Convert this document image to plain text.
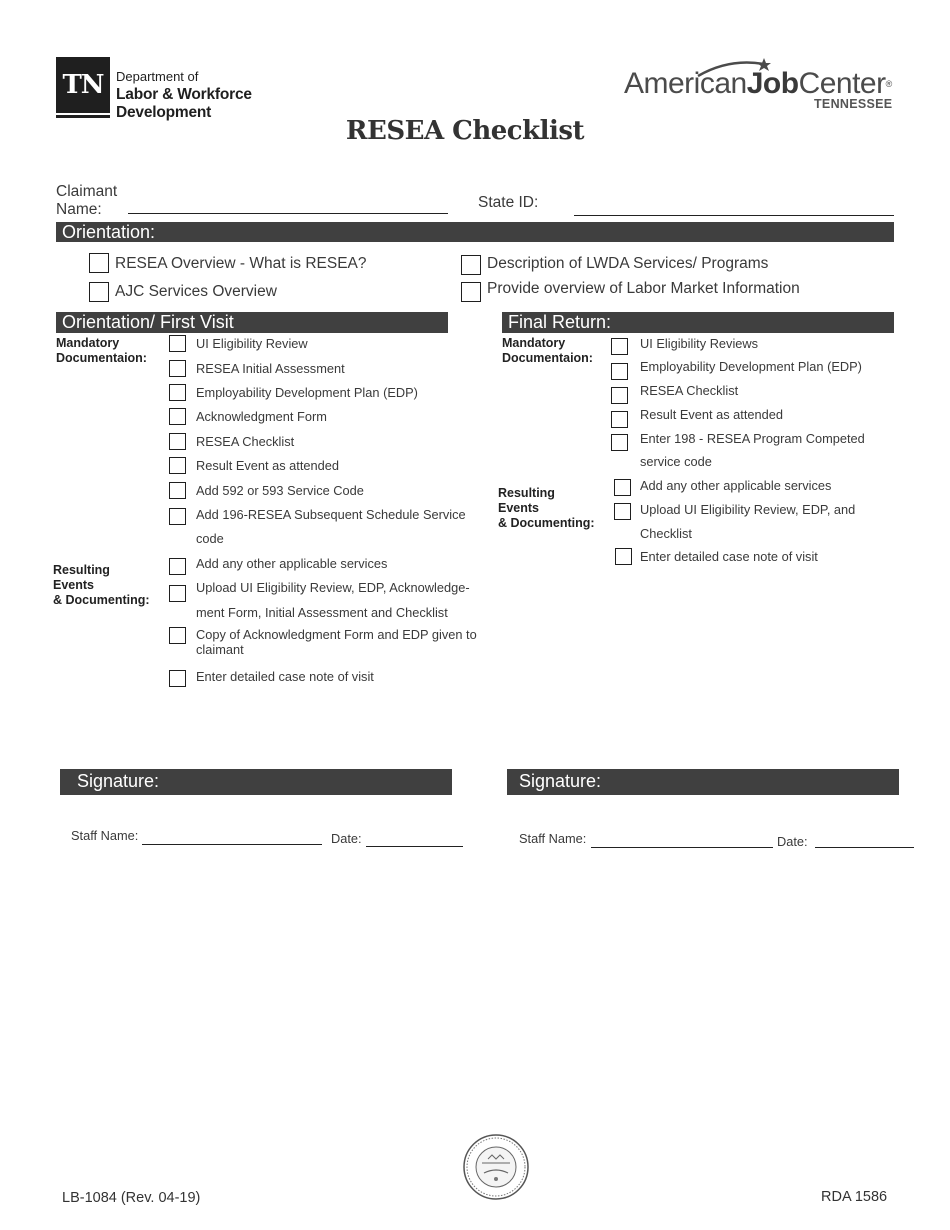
TN Department of
Labor & Workforce
Development
AmericanJobCenter®
TENNESSEE
RESEA Checklist
Claimant
Name:	State ID:
Orientation:
RESEA Overview - What is RESEA?
AJC Services Overview
Description of LWDA Services/ Programs
Provide overview of Labor Market Information
Orientation/ First Visit
Mandatory
Documentaion:
Resulting
Events
& Documenting:
UI Eligibility Review
RESEA Initial Assessment
Employability Development Plan (EDP)
Acknowledgment Form
RESEA Checklist
Result Event as attended
Add 592 or 593 Service Code
Add 196-RESEA Subsequent Schedule Service
code
Add any other applicable services
Upload UI Eligibility Review, EDP, Acknowledge-
ment Form, Initial Assessment and Checklist
Copy of Acknowledgment Form and EDP given to claimant
Enter detailed case note of visit
Final Return:
Mandatory
Documentaion:
Resulting
Events
& Documenting:
UI Eligibility Reviews
Employability Development Plan (EDP)
RESEA Checklist
Result Event as attended
Enter 198 - RESEA Program Competed
service code
Add any other applicable services
Upload UI Eligibility Review, EDP, and
Checklist
Enter detailed case note of visit
Signature:	Signature:
Staff Name:	Date:	Staff Name:	Date:
LB-1084 (Rev. 04-19)	RDA 1586
